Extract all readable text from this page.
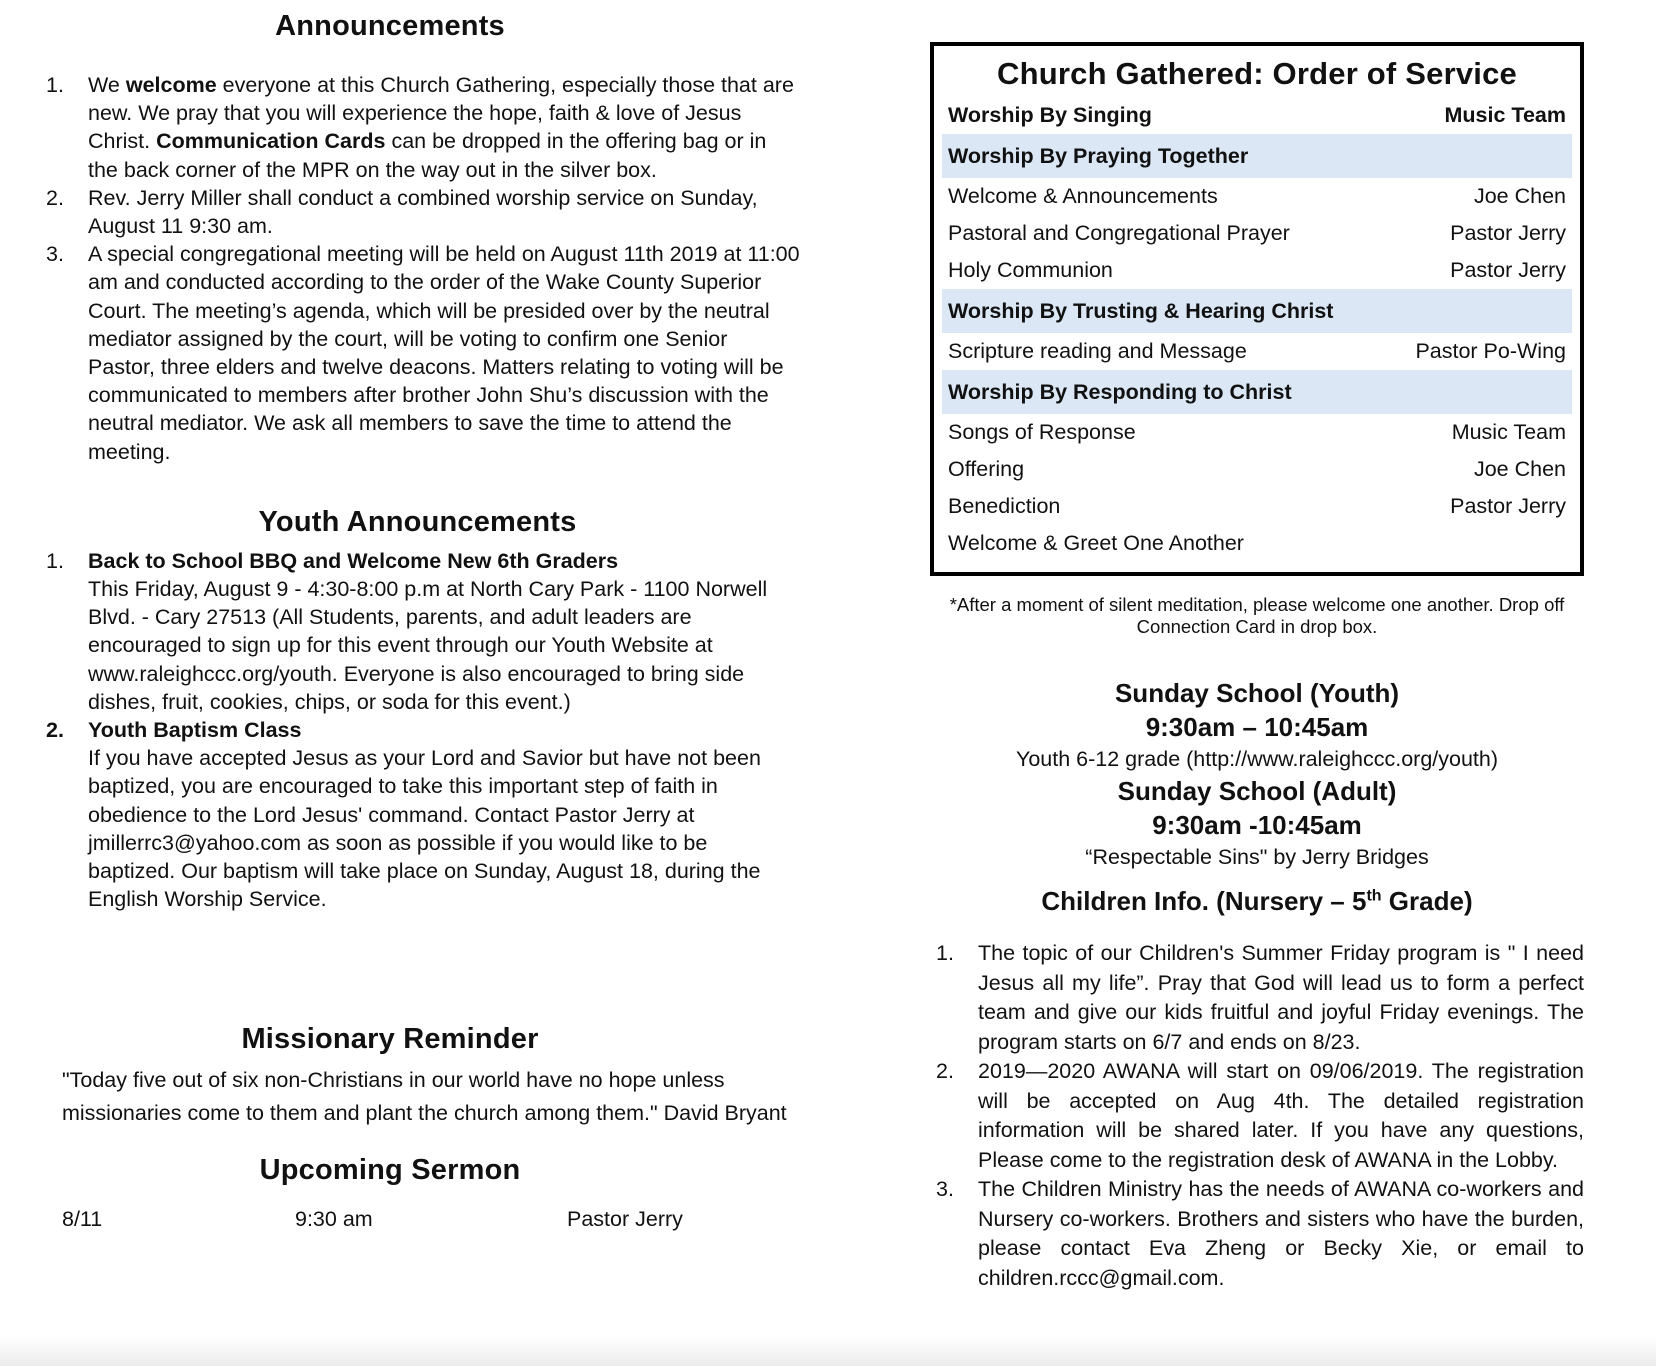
Announcements
1. We welcome everyone at this Church Gathering, especially those that are new. We pray that you will experience the hope, faith & love of Jesus Christ. Communication Cards can be dropped in the offering bag or in the back corner of the MPR on the way out in the silver box.
2. Rev. Jerry Miller shall conduct a combined worship service on Sunday, August 11 9:30 am.
3. A special congregational meeting will be held on August 11th 2019 at 11:00 am and conducted according to the order of the Wake County Superior Court. The meeting’s agenda, which will be presided over by the neutral mediator assigned by the court, will be voting to confirm one Senior Pastor, three elders and twelve deacons. Matters relating to voting will be communicated to members after brother John Shu’s discussion with the neutral mediator. We ask all members to save the time to attend the meeting.
Youth Announcements
1. Back to School BBQ and Welcome New 6th Graders
This Friday, August 9 - 4:30-8:00 p.m at North Cary Park - 1100 Norwell Blvd. - Cary 27513 (All Students, parents, and adult leaders are encouraged to sign up for this event through our Youth Website at www.raleighccc.org/youth. Everyone is also encouraged to bring side dishes, fruit, cookies, chips, or soda for this event.)
2. Youth Baptism Class
If you have accepted Jesus as your Lord and Savior but have not been baptized, you are encouraged to take this important step of faith in obedience to the Lord Jesus' command. Contact Pastor Jerry at jmillerrc3@yahoo.com as soon as possible if you would like to be baptized. Our baptism will take place on Sunday, August 18, during the English Worship Service.
Missionary Reminder
"Today five out of six non-Christians in our world have no hope unless missionaries come to them and plant the church among them." David Bryant
Upcoming Sermon
8/11	9:30 am	Pastor Jerry
Church Gathered: Order of Service
Worship By Singing	Music Team
Worship By Praying Together
Welcome & Announcements	Joe Chen
Pastoral and Congregational Prayer	Pastor Jerry
Holy Communion	Pastor Jerry
Worship By Trusting & Hearing Christ
Scripture reading and Message	Pastor Po-Wing
Worship By Responding to Christ
Songs of Response	Music Team
Offering	Joe Chen
Benediction	Pastor Jerry
Welcome & Greet One Another
*After a moment of silent meditation, please welcome one another. Drop off Connection Card in drop box.
Sunday School (Youth)
9:30am – 10:45am
Youth 6-12 grade (http://www.raleighccc.org/youth)
Sunday School (Adult)
9:30am -10:45am
“Respectable Sins" by Jerry Bridges
Children Info. (Nursery – 5th Grade)
1. The topic of our Children's Summer Friday program is " I need Jesus all my life”. Pray that God will lead us to form a perfect team and give our kids fruitful and joyful Friday evenings. The program starts on 6/7 and ends on 8/23.
2. 2019—2020 AWANA will start on 09/06/2019. The registration will be accepted on Aug 4th. The detailed registration information will be shared later. If you have any questions, Please come to the registration desk of AWANA in the Lobby.
3. The Children Ministry has the needs of AWANA co-workers and Nursery co-workers. Brothers and sisters who have the burden, please contact Eva Zheng or Becky Xie, or email to children.rccc@gmail.com.
